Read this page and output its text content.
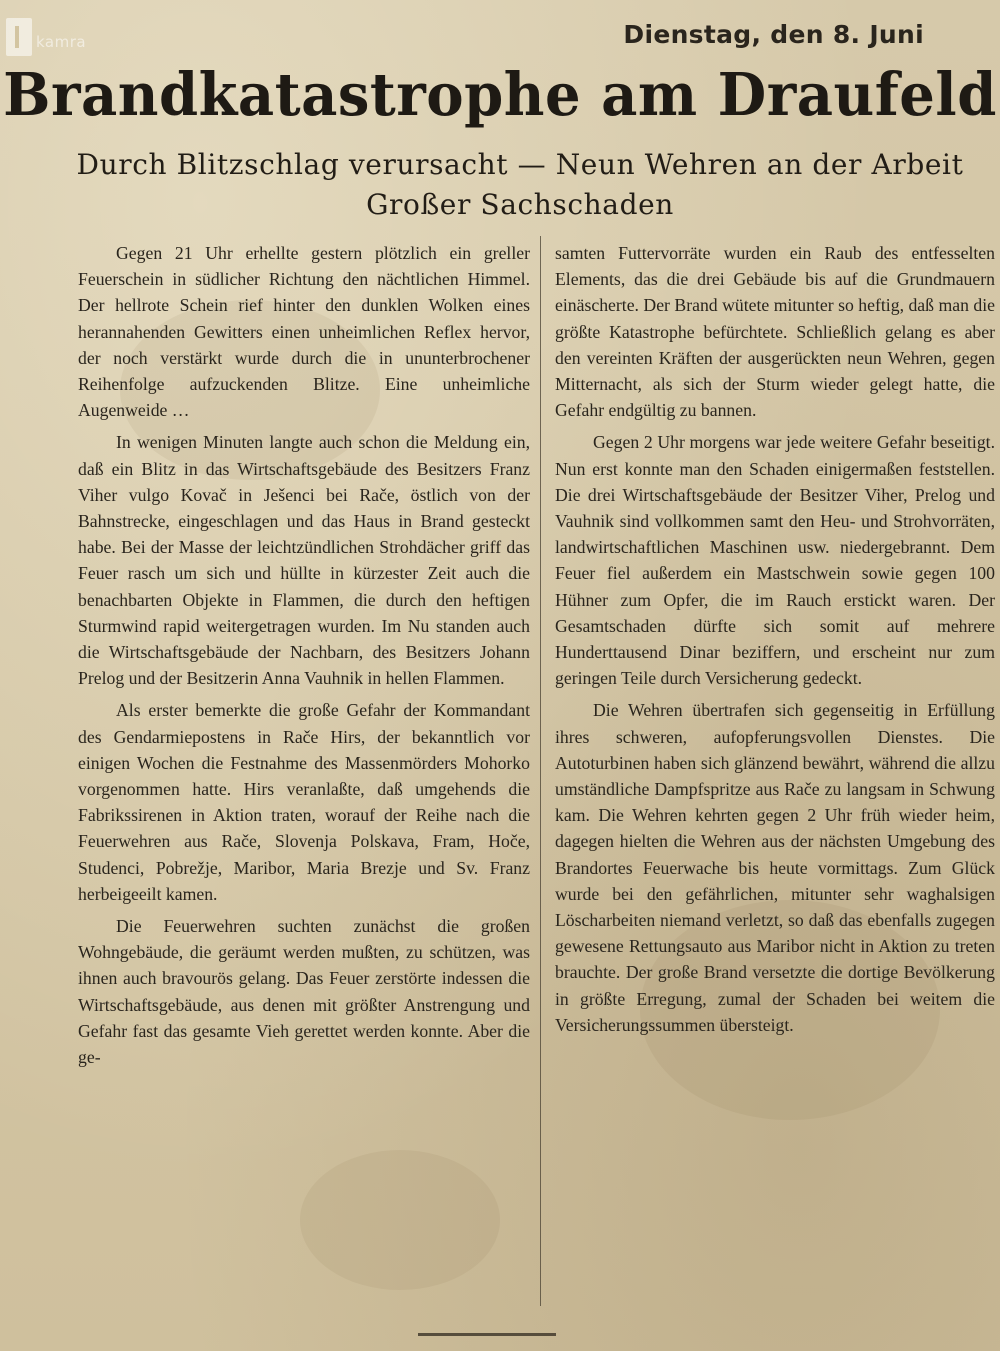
kamra	Dienstag, den 8. Juni
Brandkatastrophe am Draufeld
Durch Blitzschlag verursacht — Neun Wehren an der Arbeit
Großer Sachschaden

Gegen 21 Uhr erhellte gestern plötzlich ein greller Feuerschein in südlicher Richtung den nächtlichen Himmel. Der hellrote Schein rief hinter den dunklen Wolken eines herannahenden Gewitters einen unheimlichen Reflex hervor, der noch verstärkt wurde durch die in ununterbrochener Reihenfolge aufzuckenden Blitze. Eine unheimliche Augenweide …

In wenigen Minuten langte auch schon die Meldung ein, daß ein Blitz in das Wirtschaftsgebäude des Besitzers Franz Viher vulgo Kovač in Ješenci bei Rače, östlich von der Bahnstrecke, eingeschlagen und das Haus in Brand gesteckt habe. Bei der Masse der leichtzündlichen Strohdächer griff das Feuer rasch um sich und hüllte in kürzester Zeit auch die benachbarten Objekte in Flammen, die durch den heftigen Sturmwind rapid weitergetragen wurden. Im Nu standen auch die Wirtschaftsgebäude der Nachbarn, des Besitzers Johann Prelog und der Besitzerin Anna Vauhnik in hellen Flammen.

Als erster bemerkte die große Gefahr der Kommandant des Gendarmiepostens in Rače Hirs, der bekanntlich vor einigen Wochen die Festnahme des Massenmörders Mohorko vorgenommen hatte. Hirs veranlaßte, daß umgehends die Fabrikssirenen in Aktion traten, worauf der Reihe nach die Feuerwehren aus Rače, Slovenja Polskava, Fram, Hoče, Studenci, Pobrežje, Maribor, Maria Brezje und Sv. Franz herbeigeeilt kamen.

Die Feuerwehren suchten zunächst die großen Wohngebäude, die geräumt werden mußten, zu schützen, was ihnen auch bravourös gelang. Das Feuer zerstörte indessen die Wirtschaftsgebäude, aus denen mit größter Anstrengung und Gefahr fast das gesamte Vieh gerettet werden konnte. Aber die ge-

samten Futtervorräte wurden ein Raub des entfesselten Elements, das die drei Gebäude bis auf die Grundmauern einäscherte. Der Brand wütete mitunter so heftig, daß man die größte Katastrophe befürchtete. Schließlich gelang es aber den vereinten Kräften der ausgerückten neun Wehren, gegen Mitternacht, als sich der Sturm wieder gelegt hatte, die Gefahr endgültig zu bannen.

Gegen 2 Uhr morgens war jede weitere Gefahr beseitigt. Nun erst konnte man den Schaden einigermaßen feststellen. Die drei Wirtschaftsgebäude der Besitzer Viher, Prelog und Vauhnik sind vollkommen samt den Heu- und Strohvorräten, landwirtschaftlichen Maschinen usw. niedergebrannt. Dem Feuer fiel außerdem ein Mastschwein sowie gegen 100 Hühner zum Opfer, die im Rauch erstickt waren. Der Gesamtschaden dürfte sich somit auf mehrere Hunderttausend Dinar beziffern, und erscheint nur zum geringen Teile durch Versicherung gedeckt.

Die Wehren übertrafen sich gegenseitig in Erfüllung ihres schweren, aufopferungsvollen Dienstes. Die Autoturbinen haben sich glänzend bewährt, während die allzu umständliche Dampfspritze aus Rače zu langsam in Schwung kam. Die Wehren kehrten gegen 2 Uhr früh wieder heim, dagegen hielten die Wehren aus der nächsten Umgebung des Brandortes Feuerwache bis heute vormittags. Zum Glück wurde bei den gefährlichen, mitunter sehr waghalsigen Löscharbeiten niemand verletzt, so daß das ebenfalls zugegen gewesene Rettungsauto aus Maribor nicht in Aktion zu treten brauchte. Der große Brand versetzte die dortige Bevölkerung in größte Erregung, zumal der Schaden bei weitem die Versicherungssummen übersteigt.
